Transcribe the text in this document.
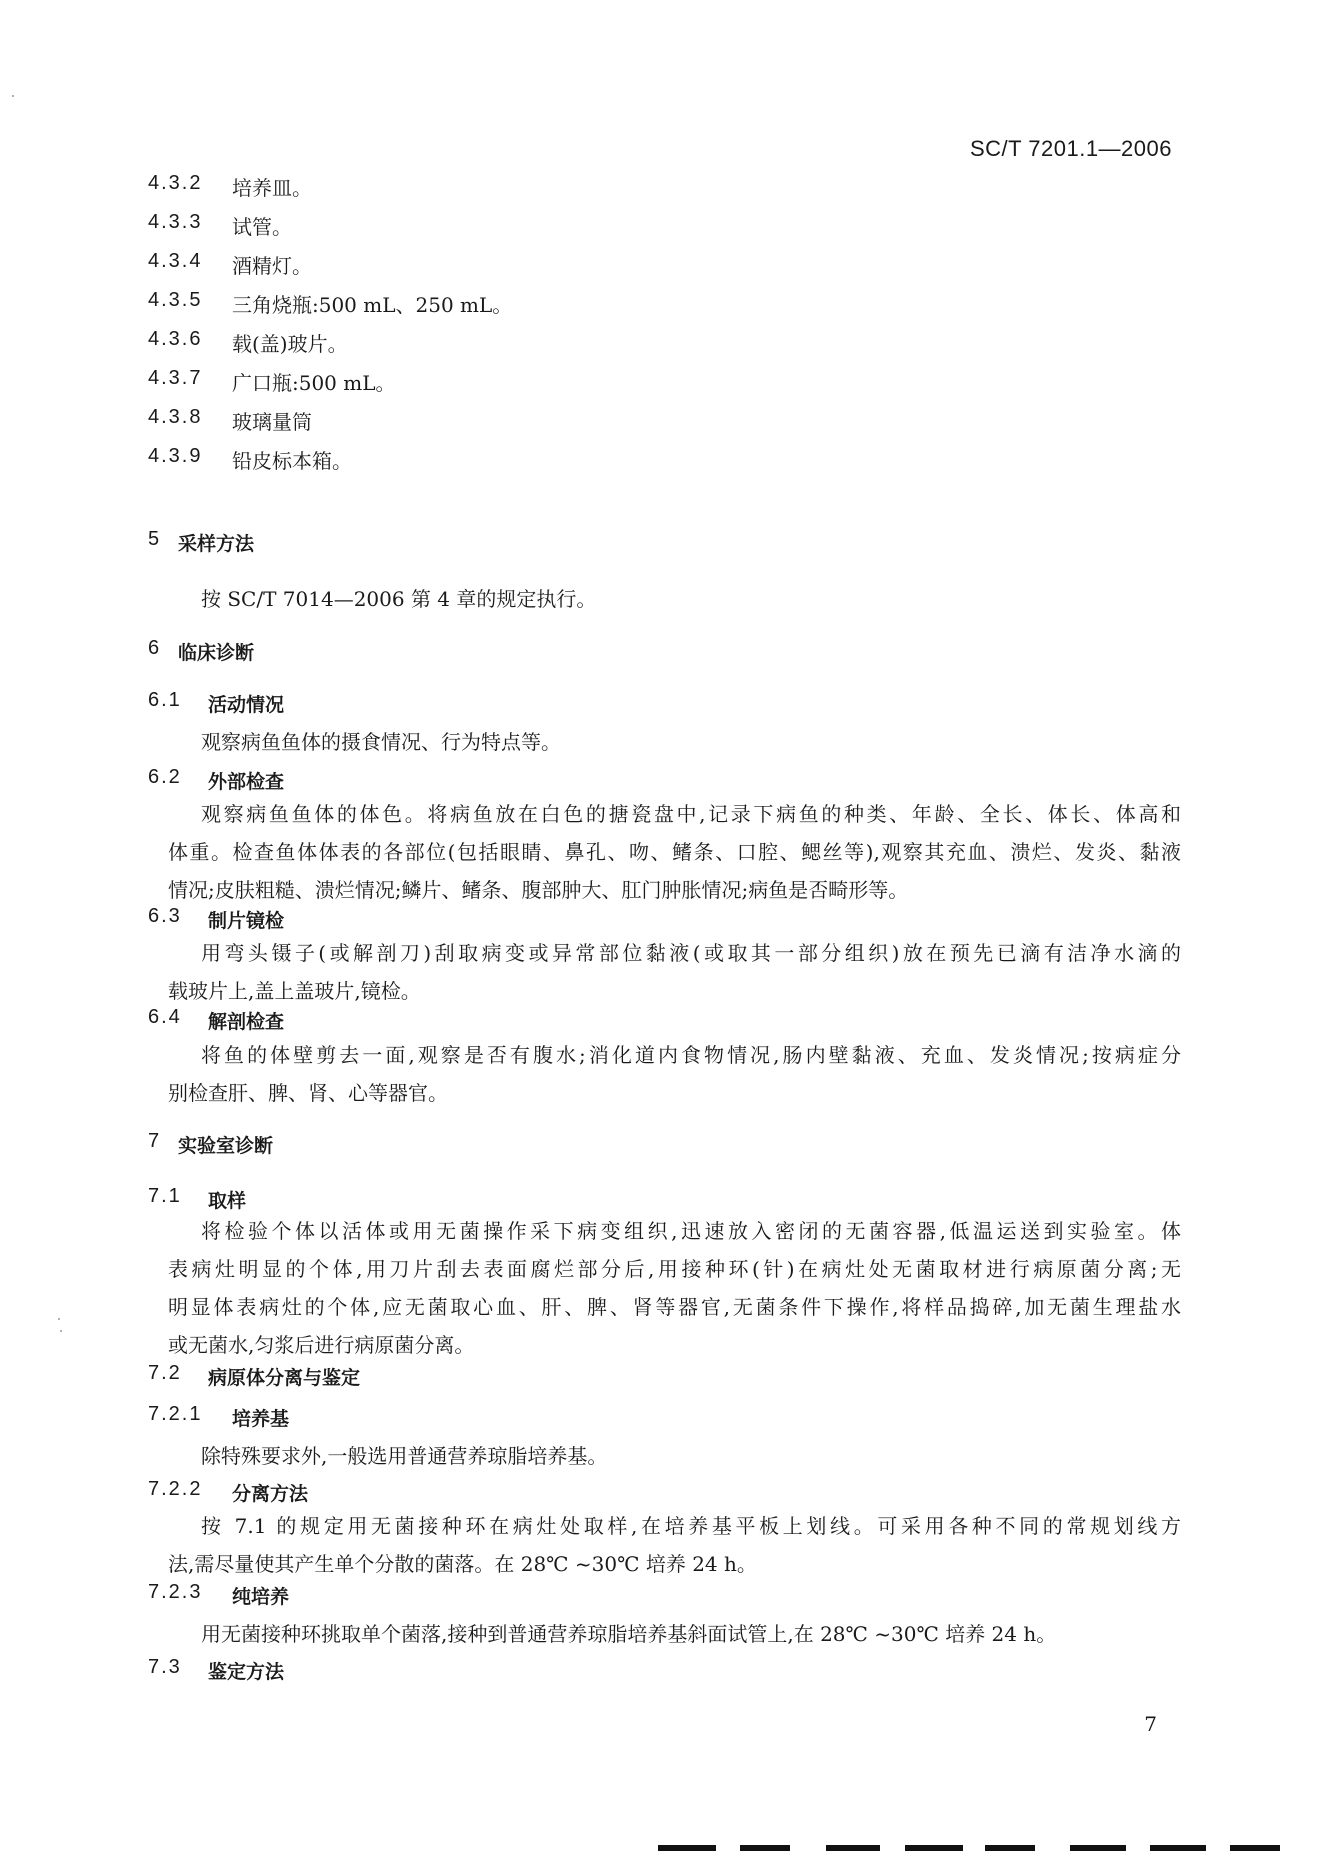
SC/T 7201.1—2006
4.3.2 培养皿。
4.3.3 试管。
4.3.4 酒精灯。
4.3.5 三角烧瓶:500 mL、250 mL。
4.3.6 载(盖)玻片。
4.3.7 广口瓶:500 mL。
4.3.8 玻璃量筒
4.3.9 铅皮标本箱。
5 采样方法
按 SC/T 7014—2006 第 4 章的规定执行。
6 临床诊断
6.1 活动情况
观察病鱼鱼体的摄食情况、行为特点等。
6.2 外部检查
观察病鱼鱼体的体色。将病鱼放在白色的搪瓷盘中,记录下病鱼的种类、年龄、全长、体长、体高和
体重。检查鱼体体表的各部位(包括眼睛、鼻孔、吻、鳍条、口腔、鳃丝等),观察其充血、溃烂、发炎、黏液
情况;皮肤粗糙、溃烂情况;鳞片、鳍条、腹部肿大、肛门肿胀情况;病鱼是否畸形等。
6.3 制片镜检
用弯头镊子(或解剖刀)刮取病变或异常部位黏液(或取其一部分组织)放在预先已滴有洁净水滴的
载玻片上,盖上盖玻片,镜检。
6.4 解剖检查
将鱼的体壁剪去一面,观察是否有腹水;消化道内食物情况,肠内壁黏液、充血、发炎情况;按病症分
别检查肝、脾、肾、心等器官。
7 实验室诊断
7.1 取样
将检验个体以活体或用无菌操作采下病变组织,迅速放入密闭的无菌容器,低温运送到实验室。体
表病灶明显的个体,用刀片刮去表面腐烂部分后,用接种环(针)在病灶处无菌取材进行病原菌分离;无
明显体表病灶的个体,应无菌取心血、肝、脾、肾等器官,无菌条件下操作,将样品捣碎,加无菌生理盐水
或无菌水,匀浆后进行病原菌分离。
7.2 病原体分离与鉴定
7.2.1 培养基
除特殊要求外,一般选用普通营养琼脂培养基。
7.2.2 分离方法
按 7.1 的规定用无菌接种环在病灶处取样,在培养基平板上划线。可采用各种不同的常规划线方
法,需尽量使其产生单个分散的菌落。在 28℃ ~30℃ 培养 24 h。
7.2.3 纯培养
用无菌接种环挑取单个菌落,接种到普通营养琼脂培养基斜面试管上,在 28℃ ~30℃ 培养 24 h。
7.3 鉴定方法
7
